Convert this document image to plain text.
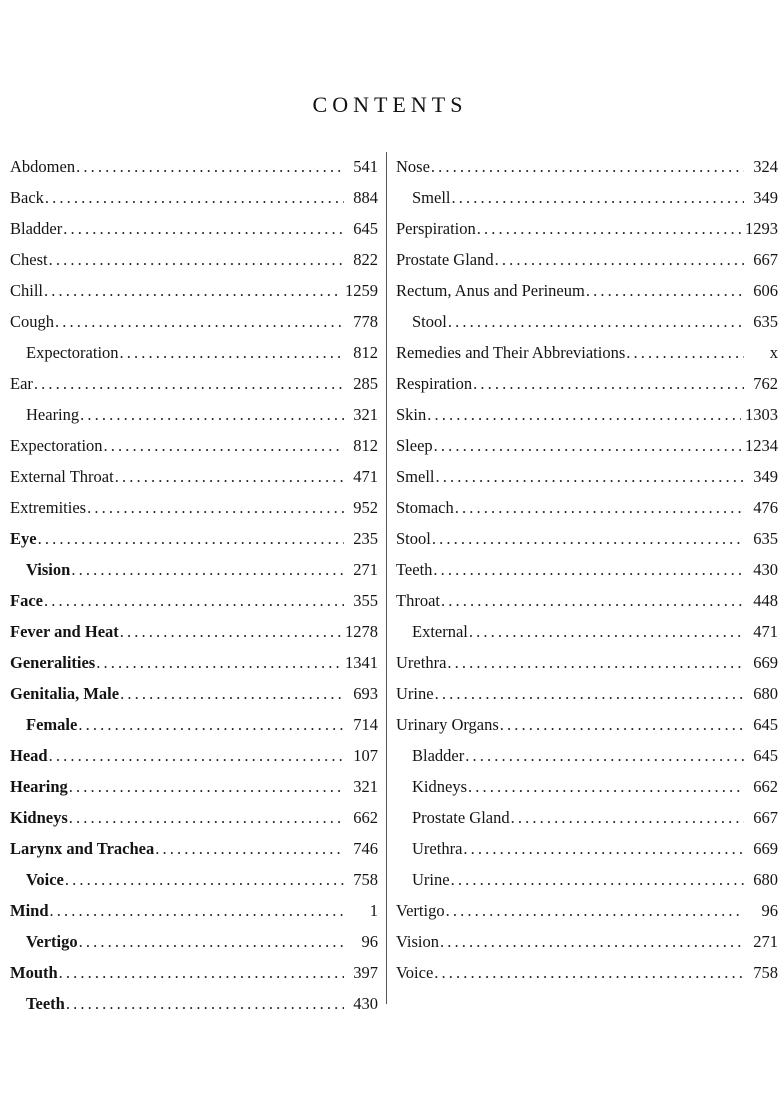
CONTENTS
Abdomen . . .	541
Back . . .	884
Bladder . . .	645
Chest . . .	822
Chill . . .	1259
Cough . . .	778
Expectoration . . .	812
Ear . . .	285
Hearing . . .	321
Expectoration . . .	812
External Throat . . .	471
Extremities . . .	952
Eye . . .	235
Vision . . .	271
Face . . .	355
Fever and Heat . . .	1278
Generalities . . .	1341
Genitalia, Male . . .	693
Female . . .	714
Head . . .	107
Hearing . . .	321
Kidneys . . .	662
Larynx and Trachea . . .	746
Voice . . .	758
Mind . . .	1
Vertigo . . .	96
Mouth . . .	397
Teeth . . .	430
Nose . . .	324
Smell . . .	349
Perspiration . . .	1293
Prostate Gland . . .	667
Rectum, Anus and Perineum . . .	606
Stool . . .	635
Remedies and Their Abbreviations . . .	x
Respiration . . .	762
Skin . . .	1303
Sleep . . .	1234
Smell . . .	349
Stomach . . .	476
Stool . . .	635
Teeth . . .	430
Throat . . .	448
External . . .	471
Urethra . . .	669
Urine . . .	680
Urinary Organs . . .	645
Bladder . . .	645
Kidneys . . .	662
Prostate Gland . . .	667
Urethra . . .	669
Urine . . .	680
Vertigo . . .	96
Vision . . .	271
Voice . . .	758
